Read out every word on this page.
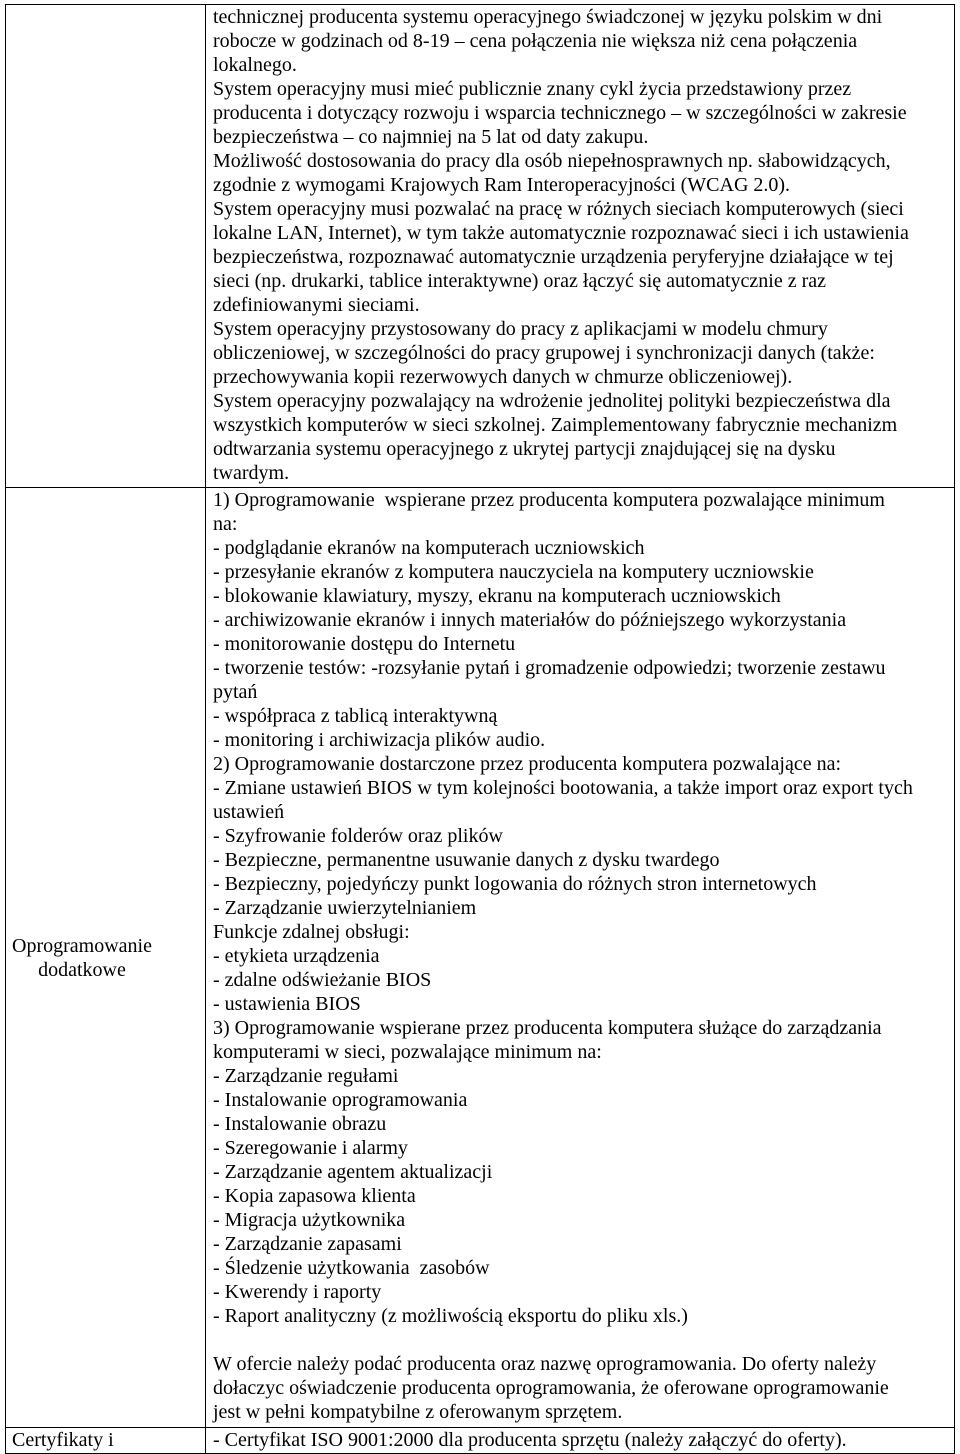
technicznej producenta systemu operacyjnego świadczonej w języku polskim w dni
robocze w godzinach od 8-19 – cena połączenia nie większa niż cena połączenia
lokalnego.
System operacyjny musi mieć publicznie znany cykl życia przedstawiony przez
producenta i dotyczący rozwoju i wsparcia technicznego – w szczególności w zakresie
bezpieczeństwa – co najmniej na 5 lat od daty zakupu.
Możliwość dostosowania do pracy dla osób niepełnosprawnych np. słabowidzących,
zgodnie z wymogami Krajowych Ram Interoperacyjności (WCAG 2.0).
System operacyjny musi pozwalać na pracę w różnych sieciach komputerowych (sieci
lokalne LAN, Internet), w tym także automatycznie rozpoznawać sieci i ich ustawienia
bezpieczeństwa, rozpoznawać automatycznie urządzenia peryferyjne działające w tej
sieci (np. drukarki, tablice interaktywne) oraz łączyć się automatycznie z raz
zdefiniowanymi sieciami.
System operacyjny przystosowany do pracy z aplikacjami w modelu chmury
obliczeniowej, w szczególności do pracy grupowej i synchronizacji danych (także:
przechowywania kopii rezerwowych danych w chmurze obliczeniowej).
System operacyjny pozwalający na wdrożenie jednolitej polityki bezpieczeństwa dla
wszystkich komputerów w sieci szkolnej. Zaimplementowany fabrycznie mechanizm
odtwarzania systemu operacyjnego z ukrytej partycji znajdującej się na dysku
twardym.
Oprogramowanie
dodatkowe
1) Oprogramowanie  wspierane przez producenta komputera pozwalające minimum
na:
- podglądanie ekranów na komputerach uczniowskich
- przesyłanie ekranów z komputera nauczyciela na komputery uczniowskie
- blokowanie klawiatury, myszy, ekranu na komputerach uczniowskich
- archiwizowanie ekranów i innych materiałów do późniejszego wykorzystania
- monitorowanie dostępu do Internetu
- tworzenie testów: -rozsyłanie pytań i gromadzenie odpowiedzi; tworzenie zestawu
pytań
- współpraca z tablicą interaktywną
- monitoring i archiwizacja plików audio.
2) Oprogramowanie dostarczone przez producenta komputera pozwalające na:
- Zmiane ustawień BIOS w tym kolejności bootowania, a także import oraz export tych
ustawień
- Szyfrowanie folderów oraz plików
- Bezpieczne, permanentne usuwanie danych z dysku twardego
- Bezpieczny, pojedyńczy punkt logowania do różnych stron internetowych
- Zarządzanie uwierzytelnianiem
Funkcje zdalnej obsługi:
- etykieta urządzenia
- zdalne odświeżanie BIOS
- ustawienia BIOS
3) Oprogramowanie wspierane przez producenta komputera służące do zarządzania
komputerami w sieci, pozwalające minimum na:
- Zarządzanie regułami
- Instalowanie oprogramowania
- Instalowanie obrazu
- Szeregowanie i alarmy
- Zarządzanie agentem aktualizacji
- Kopia zapasowa klienta
- Migracja użytkownika
- Zarządzanie zapasami
- Śledzenie użytkowania  zasobów
- Kwerendy i raporty
- Raport analityczny (z możliwością eksportu do pliku xls.)
W ofercie należy podać producenta oraz nazwę oprogramowania. Do oferty należy
dołaczyc oświadczenie producenta oprogramowania, że oferowane oprogramowanie
jest w pełni kompatybilne z oferowanym sprzętem.
Certyfikaty i	- Certyfikat ISO 9001:2000 dla producenta sprzętu (należy załączyć do oferty).
